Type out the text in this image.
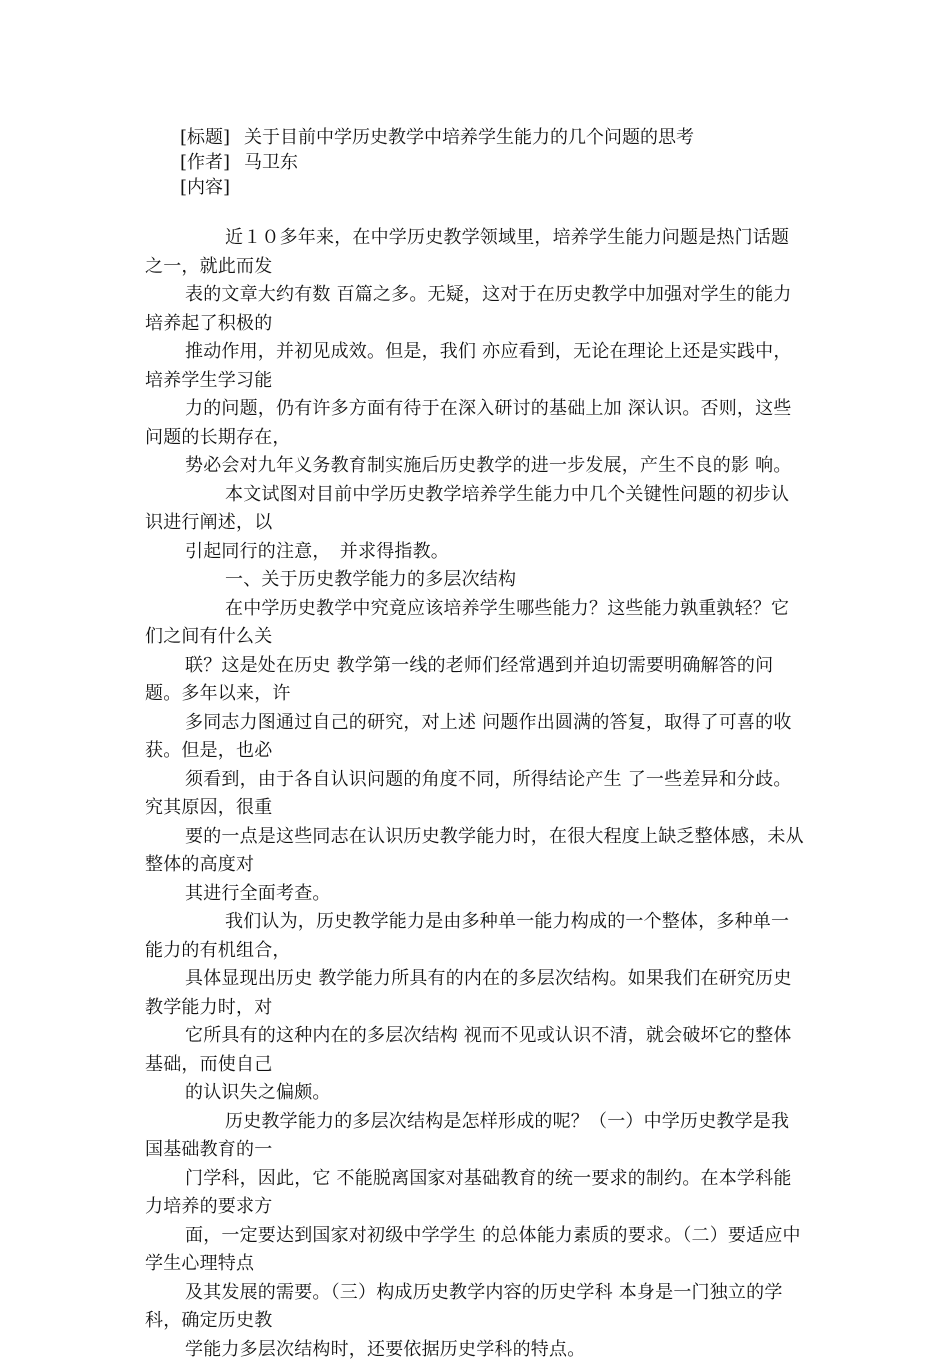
[标题] 关于目前中学历史教学中培养学生能力的几个问题的思考
[作者] 马卫东
[内容]

近１０多年来，在中学历史教学领域里，培养学生能力问题是热门话题之一，就此而发

表的文章大约有数 百篇之多。无疑，这对于在历史教学中加强对学生的能力培养起了积极的

推动作用，并初见成效。但是，我们 亦应看到，无论在理论上还是实践中，培养学生学习能

力的问题，仍有许多方面有待于在深入研讨的基础上加 深认识。否则，这些问题的长期存在，

势必会对九年义务教育制实施后历史教学的进一步发展，产生不良的影 响。

本文试图对目前中学历史教学培养学生能力中几个关键性问题的初步认识进行阐述，以

引起同行的注意，　并求得指教。

一、关于历史教学能力的多层次结构

在中学历史教学中究竟应该培养学生哪些能力？这些能力孰重孰轻？它们之间有什么关

联？这是处在历史 教学第一线的老师们经常遇到并迫切需要明确解答的问题。多年以来，许

多同志力图通过自己的研究，对上述 问题作出圆满的答复，取得了可喜的收获。但是，也必

须看到，由于各自认识问题的角度不同，所得结论产生 了一些差异和分歧。究其原因，很重

要的一点是这些同志在认识历史教学能力时，在很大程度上缺乏整体感，未从整体的高度对

其进行全面考查。

我们认为，历史教学能力是由多种单一能力构成的一个整体，多种单一能力的有机组合，

具体显现出历史 教学能力所具有的内在的多层次结构。如果我们在研究历史教学能力时，对

它所具有的这种内在的多层次结构 视而不见或认识不清，就会破坏它的整体基础，而使自己

的认识失之偏颇。

历史教学能力的多层次结构是怎样形成的呢？（一）中学历史教学是我国基础教育的一

门学科，因此，它 不能脱离国家对基础教育的统一要求的制约。在本学科能力培养的要求方

面，一定要达到国家对初级中学学生 的总体能力素质的要求。（二）要适应中学生心理特点

及其发展的需要。（三）构成历史教学内容的历史学科 本身是一门独立的学科，确定历史教

学能力多层次结构时，还要依据历史学科的特点。
